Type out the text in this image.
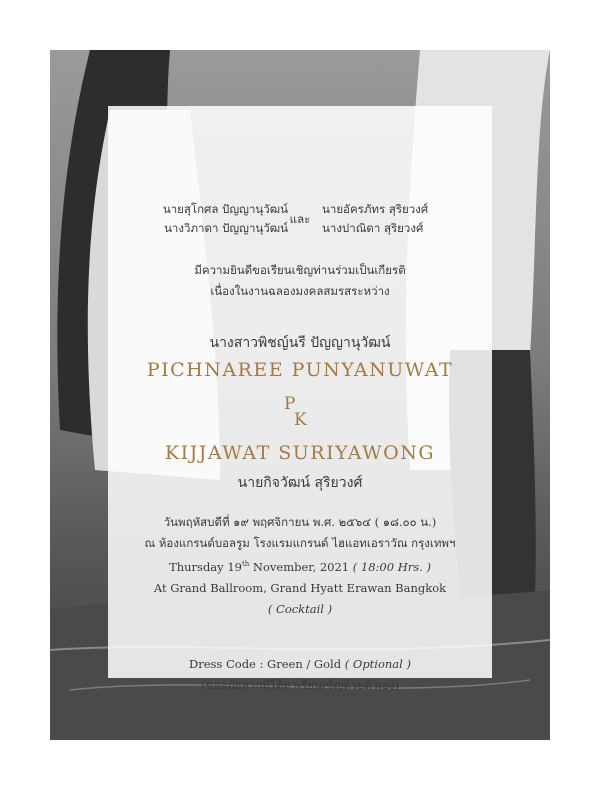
นายสุโกศล ปัญญานุวัฒน์
นางวิภาดา ปัญญานุวัฒน์
และ
นายอัครภัทร สุริยวงศ์
นางปาณิดา สุริยวงศ์
มีความยินดีขอเรียนเชิญท่านร่วมเป็นเกียรติ
เนื่องในงานฉลองมงคลสมรสระหว่าง
นางสาวพิชญ์นรี ปัญญานุวัฒน์
PICHNAREE PUNYANUWAT
P
K
KIJJAWAT SURIYAWONG
นายกิจวัฒน์ สุริยวงศ์
วันพฤหัสบดีที่ ๑๙ พฤศจิกายน พ.ศ. ๒๕๖๔ ( ๑๘.๐๐ น.)
ณ ห้องแกรนด์บอลรูม โรงแรมแกรนด์ ไฮแอทเอราวัณ กรุงเทพฯ
Thursday 19th November, 2021 ( 18:00 Hrs. )
At Grand Ballroom, Grand Hyatt Erawan Bangkok
( Cocktail )
Dress Code : Green / Gold ( Optional )
(ขออภัยหากมิได้มาเรียนเชิญด้วยตัวเอง)
